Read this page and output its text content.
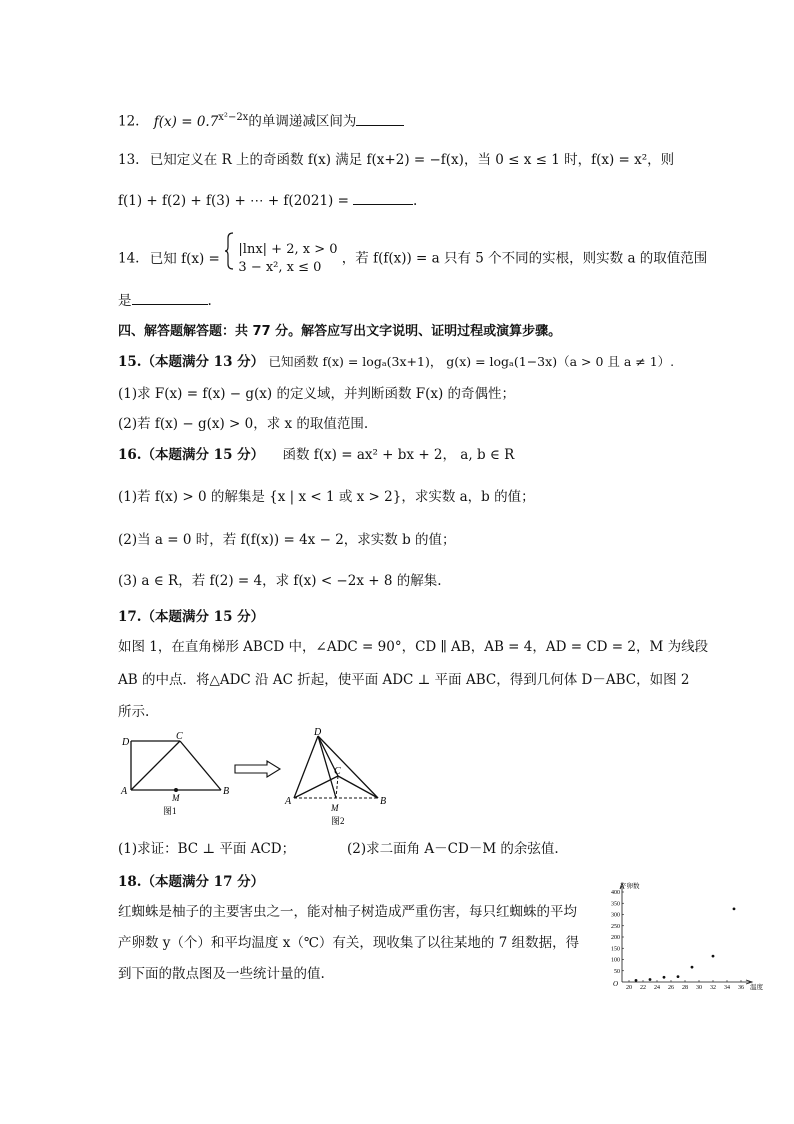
12. $f(x) = 0.7^{x^2-2x}$的单调递减区间为
13. 已知定义在 R 上的奇函数 f(x) 满足 f(x+2) = −f(x)，当 0 ≤ x ≤ 1 时，f(x) = x²，则
f(1) + f(2) + f(3) + ⋯ + f(2021) =	.
14. 已知 f(x) =  |lnx| + 2, x > 0
3 − x², x ≤ 0 ，若 f(f(x)) = a 只有 5 个不同的实根，则实数 a 的取值范围
是	.
四、解答题解答题：共 77 分。解答应写出文字说明、证明过程或演算步骤。
15.（本题满分 13 分） 已知函数 f(x) = logₐ(3x+1)， g(x) = logₐ(1−3x)（a > 0 且 a ≠ 1）.
(1)求 F(x) = f(x) − g(x) 的定义域，并判断函数 F(x) 的奇偶性；
(2)若 f(x) − g(x) > 0，求 x 的取值范围.
16.（本题满分 15 分） 函数 f(x) = ax² + bx + 2， a, b ∈ R
(1)若 f(x) > 0 的解集是 {x | x < 1 或 x > 2}，求实数 a，b 的值；
(2)当 a = 0 时，若 f(f(x)) = 4x − 2，求实数 b 的值；
(3) a ∈ R，若 f(2) = 4，求 f(x) < −2x + 8 的解集.
17.（本题满分 15 分）
如图 1，在直角梯形 ABCD 中，∠ADC = 90°，CD ∥ AB，AB = 4，AD = CD = 2，M 为线段
AB 的中点．将△ADC 沿 AC 折起，使平面 ADC ⊥ 平面 ABC，得到几何体 D－ABC，如图 2
所示.
D
C
A	B
M
图1
D
C
A	B
M
图2
(1)求证：BC ⊥ 平面 ACD；	(2)求二面角 A－CD－M 的余弦值.
18.（本题满分 17 分）
红蜘蛛是柚子的主要害虫之一，能对柚子树造成严重伤害，每只红蜘蛛的平均
产卵数 y（个）和平均温度 x（℃）有关，现收集了以往某地的 7 组数据，得
到下面的散点图及一些统计量的值.
产卵数
温度
O
50
100
150
200
250
300
350
400
20 22 24 26 28 30 32 34 36
